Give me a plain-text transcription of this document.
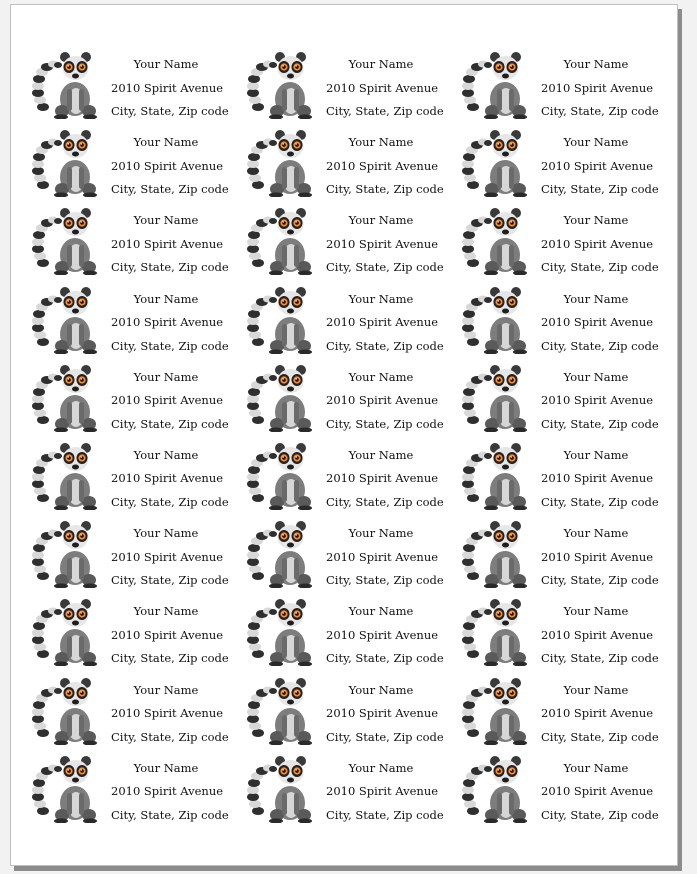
Your Name
2010 Spirit Avenue
City, State, Zip code
Your Name
2010 Spirit Avenue
City, State, Zip code
Your Name
2010 Spirit Avenue
City, State, Zip code
Your Name
2010 Spirit Avenue
City, State, Zip code
Your Name
2010 Spirit Avenue
City, State, Zip code
Your Name
2010 Spirit Avenue
City, State, Zip code
Your Name
2010 Spirit Avenue
City, State, Zip code
Your Name
2010 Spirit Avenue
City, State, Zip code
Your Name
2010 Spirit Avenue
City, State, Zip code
Your Name
2010 Spirit Avenue
City, State, Zip code
Your Name
2010 Spirit Avenue
City, State, Zip code
Your Name
2010 Spirit Avenue
City, State, Zip code
Your Name
2010 Spirit Avenue
City, State, Zip code
Your Name
2010 Spirit Avenue
City, State, Zip code
Your Name
2010 Spirit Avenue
City, State, Zip code
Your Name
2010 Spirit Avenue
City, State, Zip code
Your Name
2010 Spirit Avenue
City, State, Zip code
Your Name
2010 Spirit Avenue
City, State, Zip code
Your Name
2010 Spirit Avenue
City, State, Zip code
Your Name
2010 Spirit Avenue
City, State, Zip code
Your Name
2010 Spirit Avenue
City, State, Zip code
Your Name
2010 Spirit Avenue
City, State, Zip code
Your Name
2010 Spirit Avenue
City, State, Zip code
Your Name
2010 Spirit Avenue
City, State, Zip code
Your Name
2010 Spirit Avenue
City, State, Zip code
Your Name
2010 Spirit Avenue
City, State, Zip code
Your Name
2010 Spirit Avenue
City, State, Zip code
Your Name
2010 Spirit Avenue
City, State, Zip code
Your Name
2010 Spirit Avenue
City, State, Zip code
Your Name
2010 Spirit Avenue
City, State, Zip code
